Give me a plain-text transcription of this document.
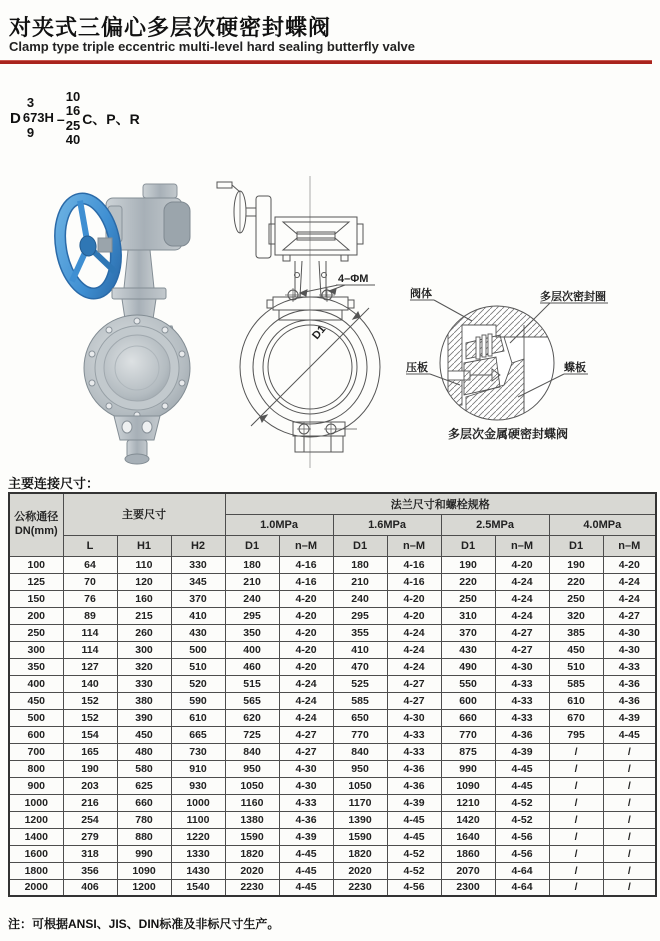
对夹式三偏心多层次硬密封蝶阀
Clamp type triple eccentric multi-level hard sealing butterfly valve
D
3
673H
9
–
10
16
25
40
C、P、R
4–ΦM
D1
阀体	多层次密封圈
压板	蝶板
多层次金属硬密封蝶阀
主要连接尺寸：
公称通径
DN(mm)	主要尺寸			法兰尺寸和螺栓规格							
				1.0MPa		1.6MPa		2.5MPa		4.0MPa	
	L	H1	H2	D1	n–M	D1	n–M	D1	n–M	D1	n–M
100	64	110	330	180	4-16	180	4-16	190	4-20	190	4-20
125	70	120	345	210	4-16	210	4-16	220	4-24	220	4-24
150	76	160	370	240	4-20	240	4-20	250	4-24	250	4-24
200	89	215	410	295	4-20	295	4-20	310	4-24	320	4-27
250	114	260	430	350	4-20	355	4-24	370	4-27	385	4-30
300	114	300	500	400	4-20	410	4-24	430	4-27	450	4-30
350	127	320	510	460	4-20	470	4-24	490	4-30	510	4-33
400	140	330	520	515	4-24	525	4-27	550	4-33	585	4-36
450	152	380	590	565	4-24	585	4-27	600	4-33	610	4-36
500	152	390	610	620	4-24	650	4-30	660	4-33	670	4-39
600	154	450	665	725	4-27	770	4-33	770	4-36	795	4-45
700	165	480	730	840	4-27	840	4-33	875	4-39	/	/
800	190	580	910	950	4-30	950	4-36	990	4-45	/	/
900	203	625	930	1050	4-30	1050	4-36	1090	4-45	/	/
1000	216	660	1000	1160	4-33	1170	4-39	1210	4-52	/	/
1200	254	780	1100	1380	4-36	1390	4-45	1420	4-52	/	/
1400	279	880	1220	1590	4-39	1590	4-45	1640	4-56	/	/
1600	318	990	1330	1820	4-45	1820	4-52	1860	4-56	/	/
1800	356	1090	1430	2020	4-45	2020	4-52	2070	4-64	/	/
2000	406	1200	1540	2230	4-45	2230	4-56	2300	4-64	/	/
注：可根据ANSI、JIS、DIN标准及非标尺寸生产。
